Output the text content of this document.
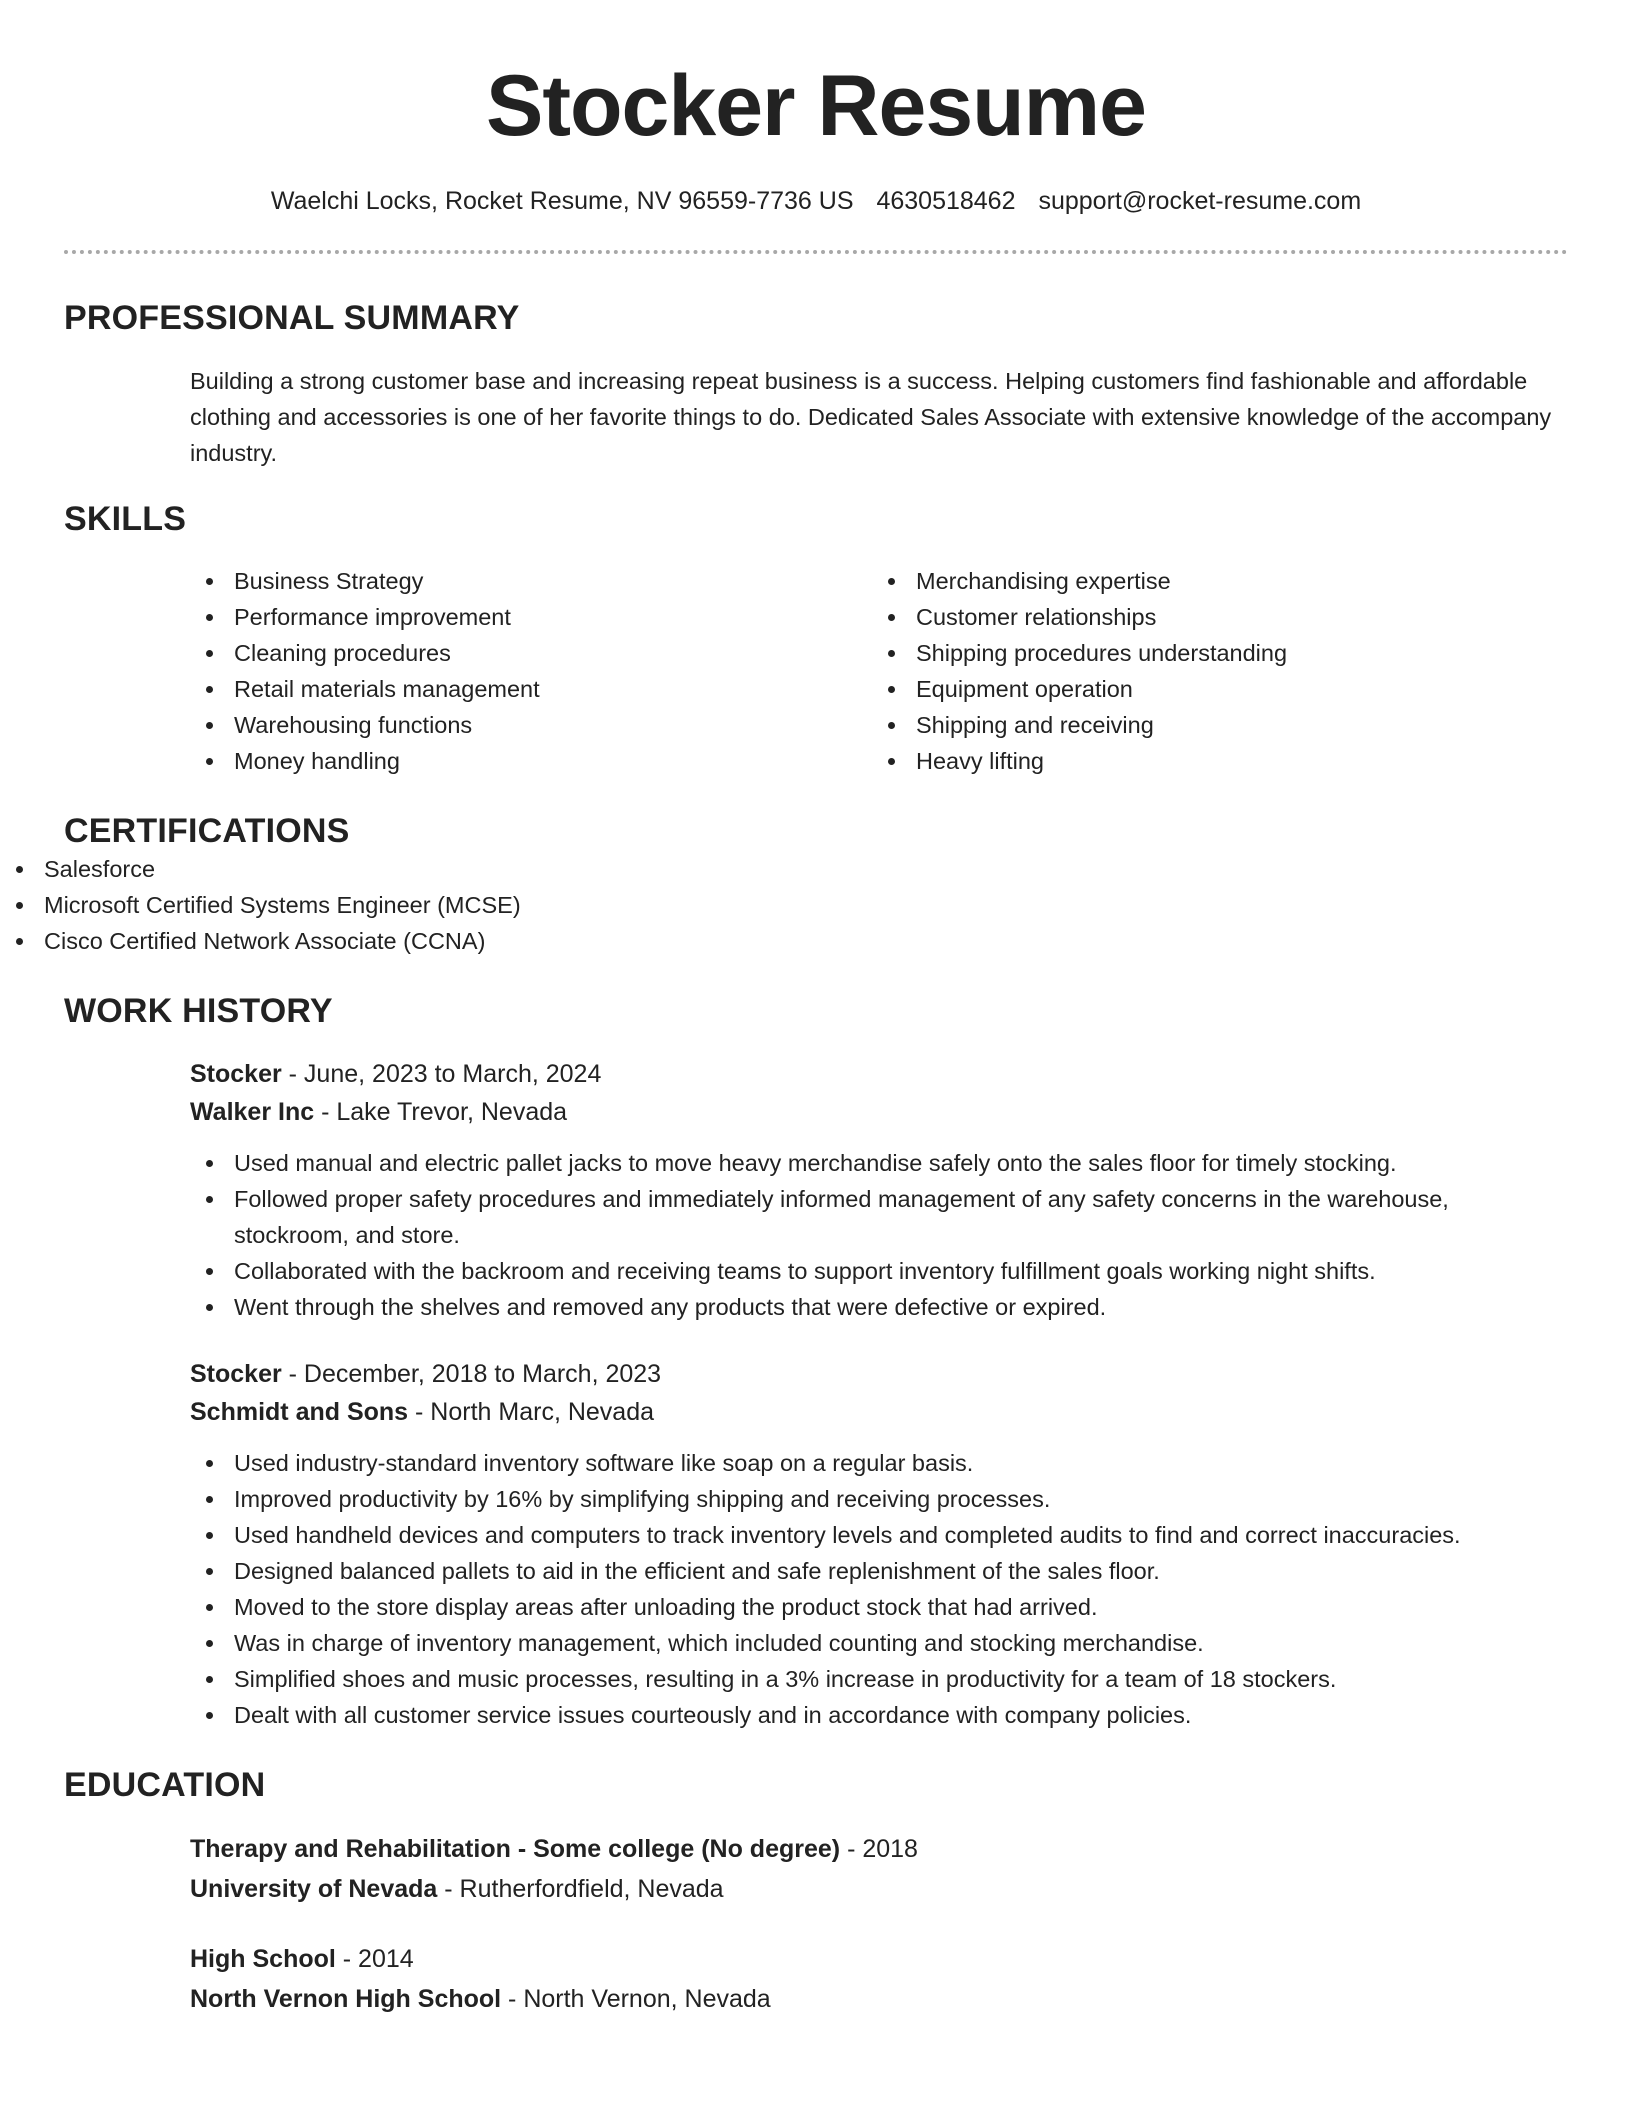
Stocker Resume
Waelchi Locks, Rocket Resume, NV 96559-7736 US 4630518462 support@rocket-resume.com
PROFESSIONAL SUMMARY

Building a strong customer base and increasing repeat business is a success. Helping customers find fashionable and affordable clothing and accessories is one of her favorite things to do. Dedicated Sales Associate with extensive knowledge of the accompany industry.

SKILLS
Business Strategy
Performance improvement
Cleaning procedures
Retail materials management
Warehousing functions
Money handling
Merchandising expertise
Customer relationships
Shipping procedures understanding
Equipment operation
Shipping and receiving
Heavy lifting
CERTIFICATIONS
Salesforce
Microsoft Certified Systems Engineer (MCSE)
Cisco Certified Network Associate (CCNA)
WORK HISTORY
Stocker - June, 2023 to March, 2024
Walker Inc - Lake Trevor, Nevada
Used manual and electric pallet jacks to move heavy merchandise safely onto the sales floor for timely stocking.
Followed proper safety procedures and immediately informed management of any safety concerns in the warehouse, stockroom, and store.
Collaborated with the backroom and receiving teams to support inventory fulfillment goals working night shifts.
Went through the shelves and removed any products that were defective or expired.
Stocker - December, 2018 to March, 2023
Schmidt and Sons - North Marc, Nevada
Used industry-standard inventory software like soap on a regular basis.
Improved productivity by 16% by simplifying shipping and receiving processes.
Used handheld devices and computers to track inventory levels and completed audits to find and correct inaccuracies.
Designed balanced pallets to aid in the efficient and safe replenishment of the sales floor.
Moved to the store display areas after unloading the product stock that had arrived.
Was in charge of inventory management, which included counting and stocking merchandise.
Simplified shoes and music processes, resulting in a 3% increase in productivity for a team of 18 stockers.
Dealt with all customer service issues courteously and in accordance with company policies.
EDUCATION
Therapy and Rehabilitation - Some college (No degree) - 2018
University of Nevada - Rutherfordfield, Nevada
High School - 2014
North Vernon High School - North Vernon, Nevada
